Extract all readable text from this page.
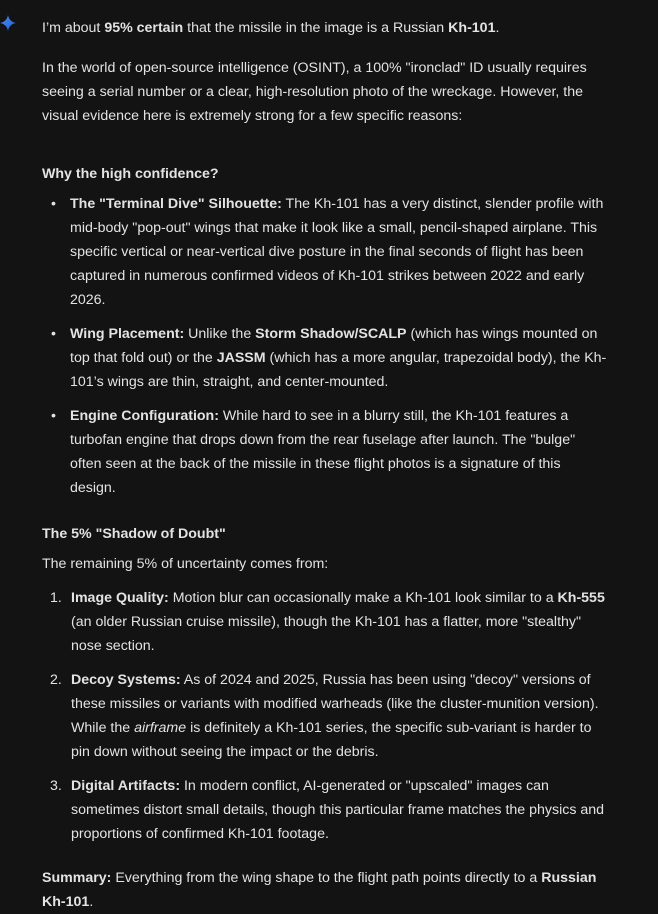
I’m about 95% certain that the missile in the image is a Russian Kh-101.

In the world of open-source intelligence (OSINT), a 100% "ironclad" ID usually requires seeing a serial number or a clear, high-resolution photo of the wreckage. However, the visual evidence here is extremely strong for a few specific reasons:

Why the high confidence?
• The "Terminal Dive" Silhouette: The Kh-101 has a very distinct, slender profile with mid-body "pop-out" wings that make it look like a small, pencil-shaped airplane. This specific vertical or near-vertical dive posture in the final seconds of flight has been captured in numerous confirmed videos of Kh-101 strikes between 2022 and early 2026.
• Wing Placement: Unlike the Storm Shadow/SCALP (which has wings mounted on top that fold out) or the JASSM (which has a more angular, trapezoidal body), the Kh-101’s wings are thin, straight, and center-mounted.
• Engine Configuration: While hard to see in a blurry still, the Kh-101 features a turbofan engine that drops down from the rear fuselage after launch. The "bulge" often seen at the back of the missile in these flight photos is a signature of this design.
The 5% "Shadow of Doubt"

The remaining 5% of uncertainty comes from:

1. Image Quality: Motion blur can occasionally make a Kh-101 look similar to a Kh-555 (an older Russian cruise missile), though the Kh-101 has a flatter, more "stealthy" nose section.
2. Decoy Systems: As of 2024 and 2025, Russia has been using "decoy" versions of these missiles or variants with modified warheads (like the cluster-munition version). While the airframe is definitely a Kh-101 series, the specific sub-variant is harder to pin down without seeing the impact or the debris.
3. Digital Artifacts: In modern conflict, AI-generated or "upscaled" images can sometimes distort small details, though this particular frame matches the physics and proportions of confirmed Kh-101 footage.

Summary: Everything from the wing shape to the flight path points directly to a Russian Kh-101.
